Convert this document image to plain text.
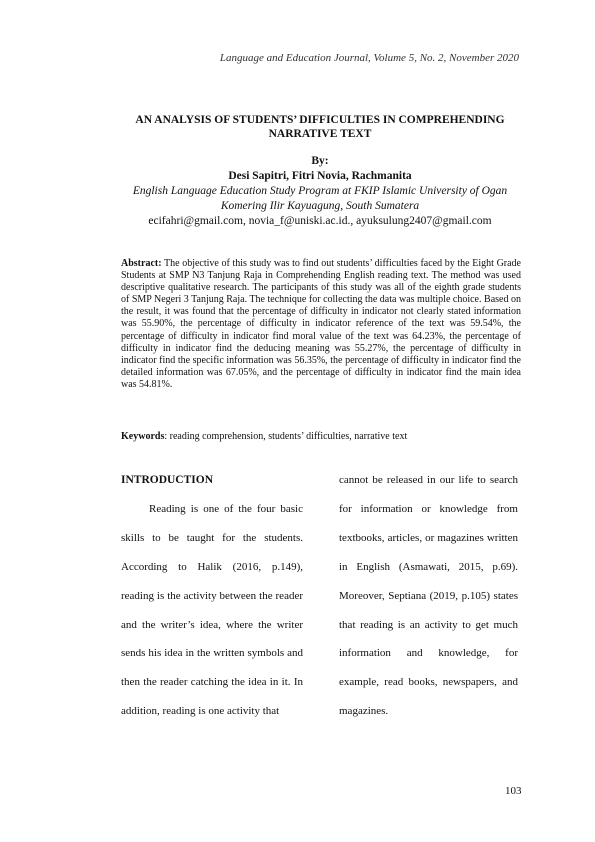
Language and Education Journal, Volume 5, No. 2, November 2020
AN ANALYSIS OF STUDENTS’ DIFFICULTIES IN COMPREHENDING NARRATIVE TEXT
By:
Desi Sapitri, Fitri Novia, Rachmanita
English Language Education Study Program at FKIP Islamic University of Ogan Komering Ilir Kayuagung, South Sumatera
ecifahri@gmail.com, novia_f@uniski.ac.id., ayuksulung2407@gmail.com
Abstract: The objective of this study was to find out students’ difficulties faced by the Eight Grade Students at SMP N3 Tanjung Raja in Comprehending English reading text. The method was used descriptive qualitative research. The participants of this study was all of the eighth grade students of SMP Negeri 3 Tanjung Raja. The technique for collecting the data was multiple choice. Based on the result, it was found that the percentage of difficulty in indicator not clearly stated information was 55.90%, the percentage of difficulty in indicator reference of the text was 59.54%, the percentage of difficulty in indicator find moral value of the text was 64.23%, the percentage of difficulty in indicator find the deducing meaning was 55.27%, the percentage of difficulty in indicator find the specific information was 56.35%, the percentage of difficulty in indicator find the detailed information was 67.05%, and the percentage of difficulty in indicator find the main idea was 54.81%.
Keywords: reading comprehension, students’ difficulties, narrative text

INTRODUCTION

Reading is one of the four basic skills to be taught for the students. According to Halik (2016, p.149), reading is the activity between the reader and the writer’s idea, where the writer sends his idea in the written symbols and then the reader catching the idea in it. In addition, reading is one activity that

cannot be released in our life to search for information or knowledge from textbooks, articles, or magazines written in English (Asmawati, 2015, p.69). Moreover, Septiana (2019, p.105) states that reading is an activity to get much information and knowledge, for example, read books, newspapers, and magazines.

103
